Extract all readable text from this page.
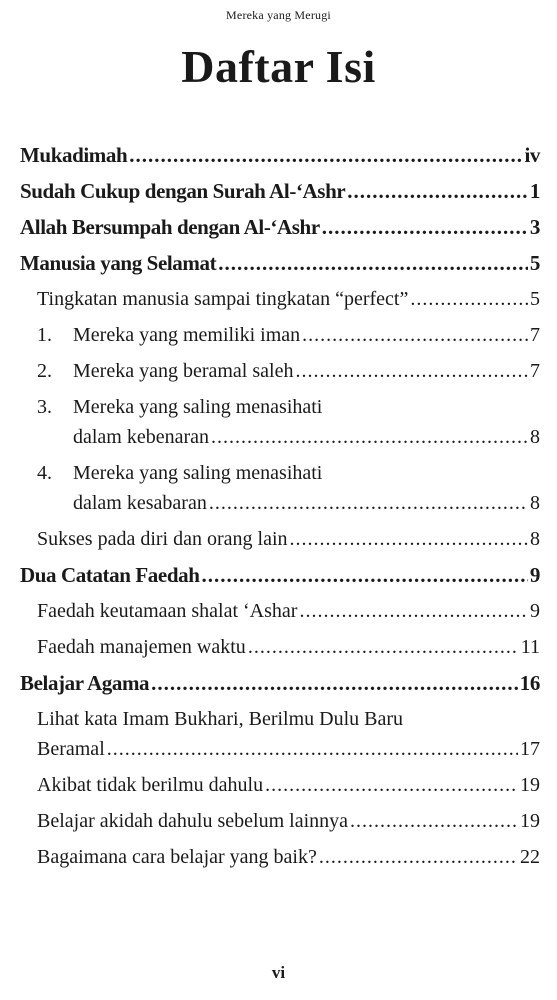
Mereka yang Merugi
Daftar Isi
Mukadimah .....	iv
Sudah Cukup dengan Surah Al-‘Ashr .....	1
Allah Bersumpah dengan Al-‘Ashr .....	3
Manusia yang Selamat .....	5
Tingkatan manusia sampai tingkatan “perfect” .....	5
1.	Mereka yang memiliki iman .....	7
2.	Mereka yang beramal saleh .....	7
3.	Mereka yang saling menasihati
dalam kebenaran .....	8
4.	Mereka yang saling menasihati
dalam kesabaran .....	8
Sukses pada diri dan orang lain .....	8
Dua Catatan Faedah .....	9
Faedah keutamaan shalat ‘Ashar .....	9
Faedah manajemen waktu .....	11
Belajar Agama .....	16
Lihat kata Imam Bukhari, Berilmu Dulu Baru
Beramal .....	17
Akibat tidak berilmu dahulu .....	19
Belajar akidah dahulu sebelum lainnya .....	19
Bagaimana cara belajar yang baik? .....	22
vi
